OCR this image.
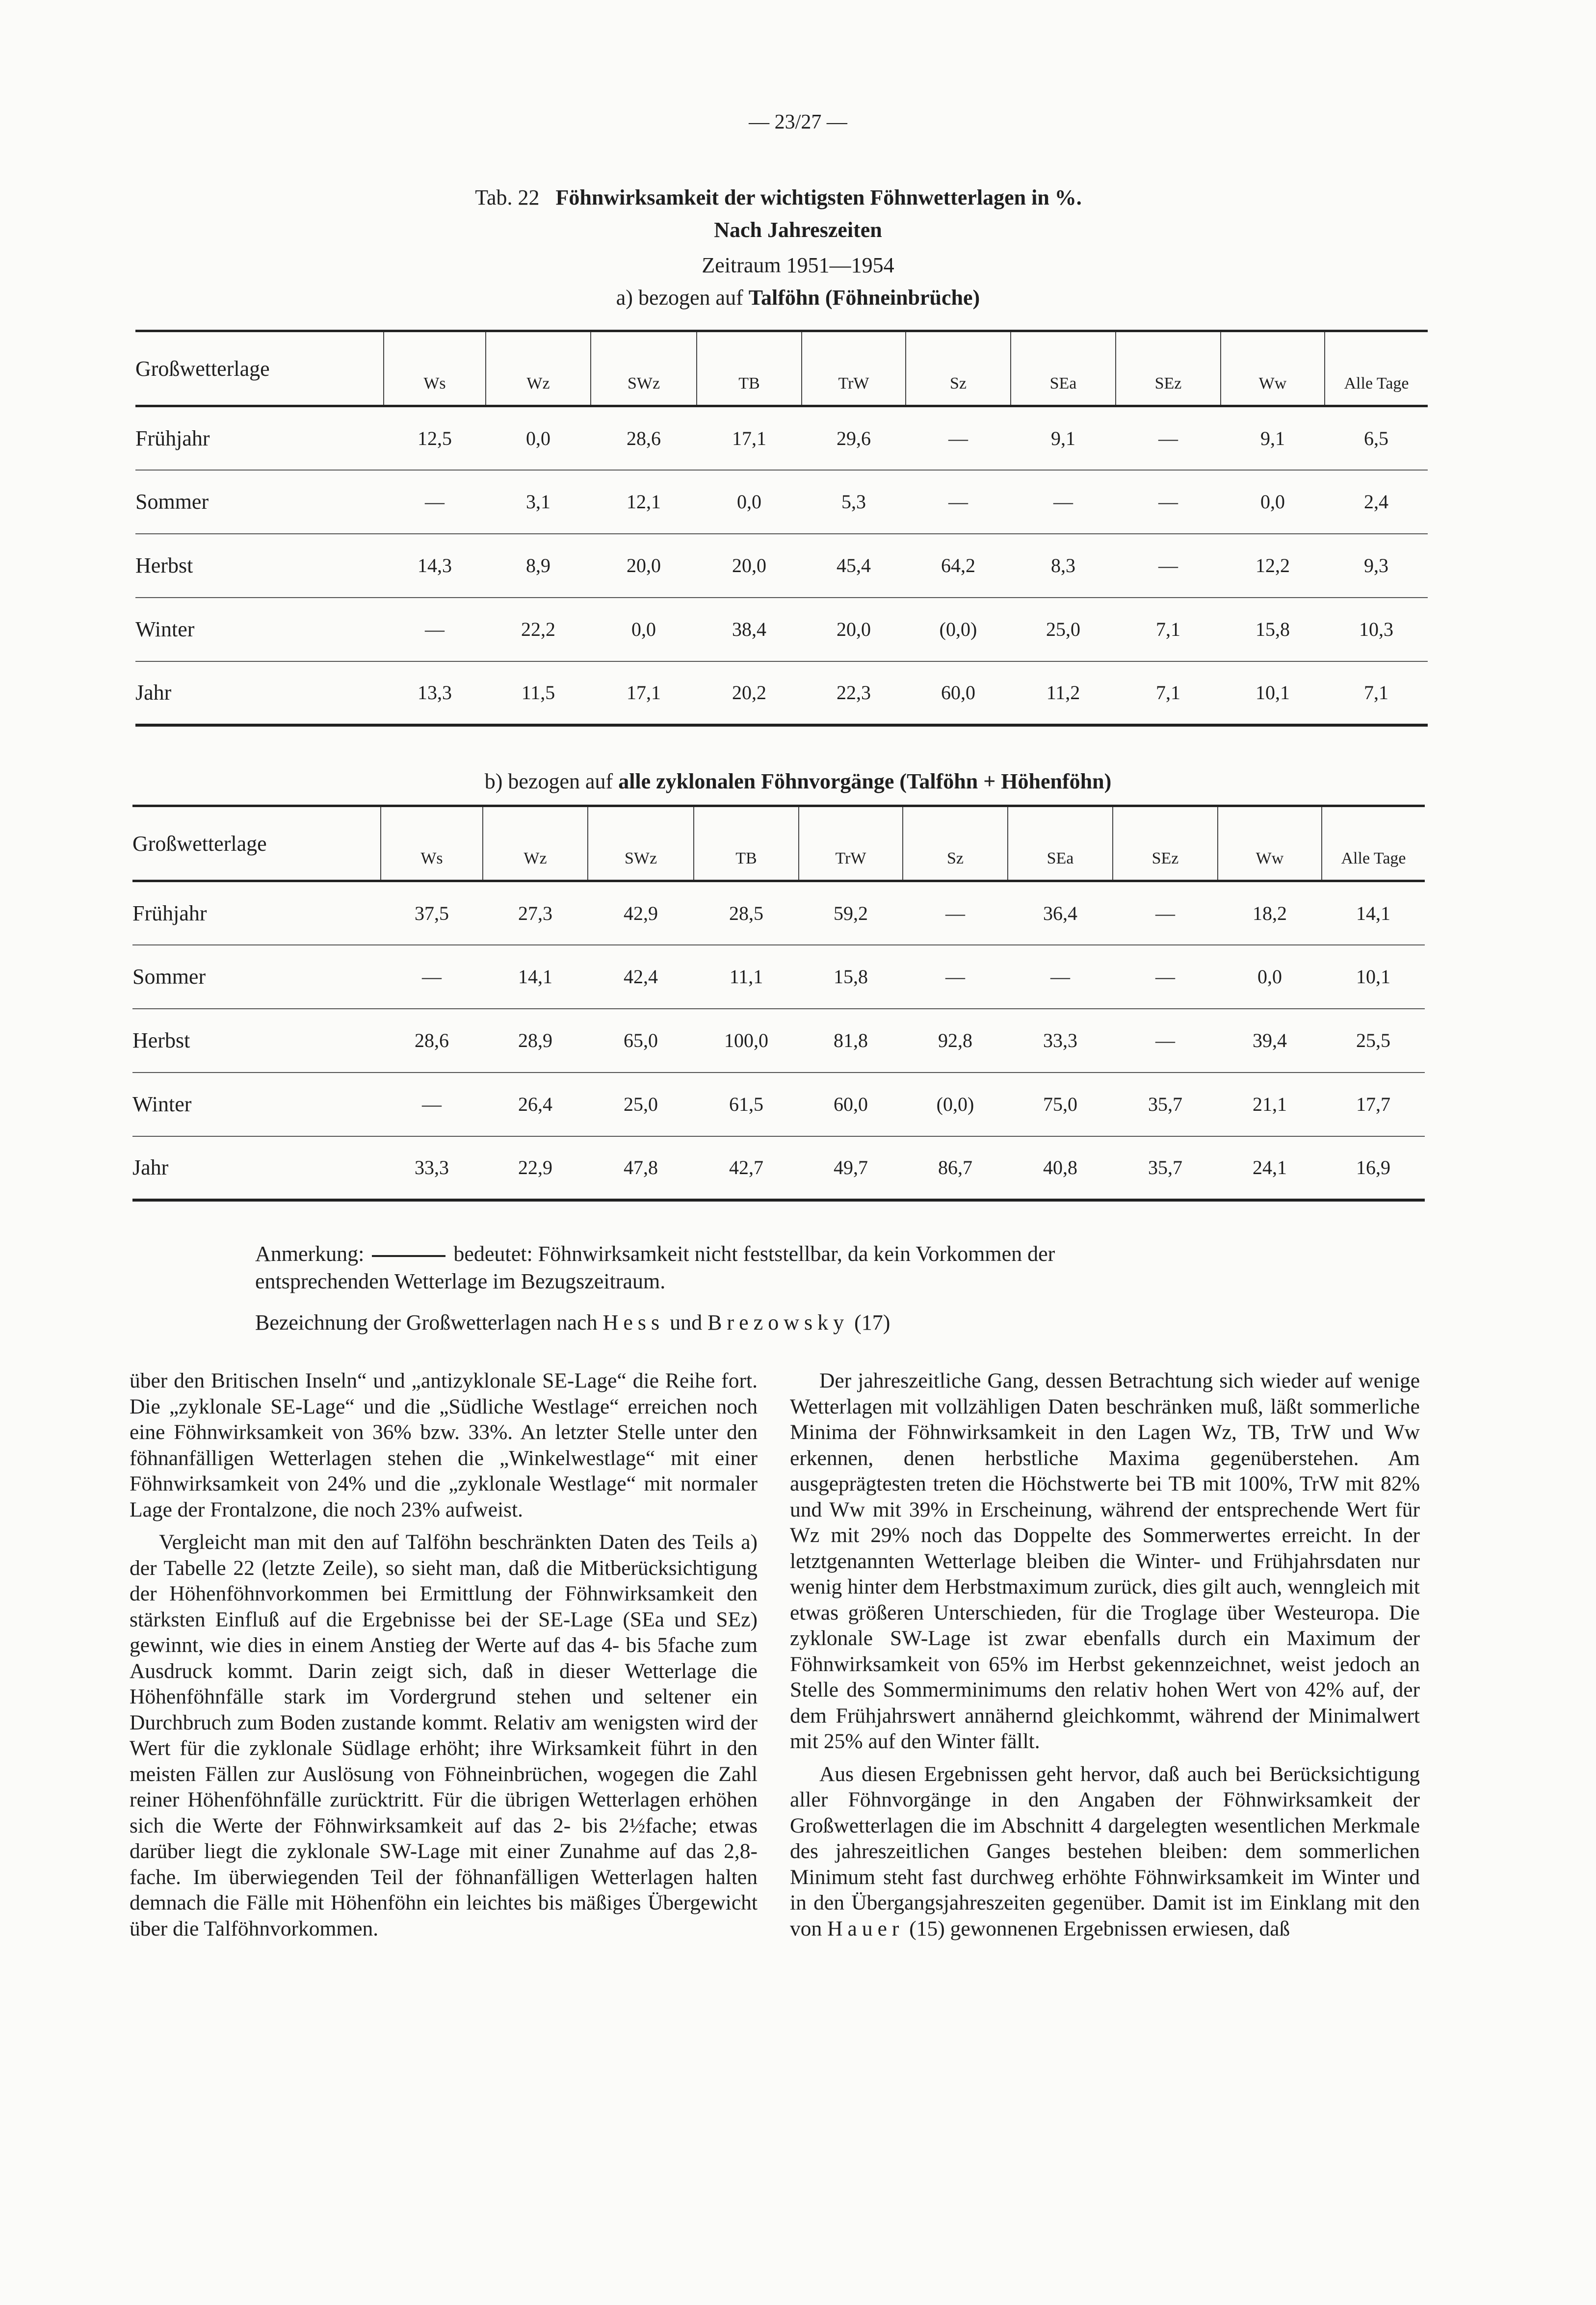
— 23/27 —
Tab. 22 Föhnwirksamkeit der wichtigsten Föhnwetterlagen in %.
Nach Jahreszeiten
Zeitraum 1951—1954
a) bezogen auf Talföhn (Föhneinbrüche)
Großwetterlage	Ws	Wz	SWz	TB	TrW	Sz	SEa	SEz	Ww	Alle Tage
Frühjahr	12,5	0,0	28,6	17,1	29,6	—	9,1	—	9,1	6,5
Sommer	—	3,1	12,1	0,0	5,3	—	—	—	0,0	2,4
Herbst	14,3	8,9	20,0	20,0	45,4	64,2	8,3	—	12,2	9,3
Winter	—	22,2	0,0	38,4	20,0	(0,0)	25,0	7,1	15,8	10,3
Jahr	13,3	11,5	17,1	20,2	22,3	60,0	11,2	7,1	10,1	7,1
b) bezogen auf alle zyklonalen Föhnvorgänge (Talföhn + Höhenföhn)
Großwetterlage	Ws	Wz	SWz	TB	TrW	Sz	SEa	SEz	Ww	Alle Tage
Frühjahr	37,5	27,3	42,9	28,5	59,2	—	36,4	—	18,2	14,1
Sommer	—	14,1	42,4	11,1	15,8	—	—	—	0,0	10,1
Herbst	28,6	28,9	65,0	100,0	81,8	92,8	33,3	—	39,4	25,5
Winter	—	26,4	25,0	61,5	60,0	(0,0)	75,0	35,7	21,1	17,7
Jahr	33,3	22,9	47,8	42,7	49,7	86,7	40,8	35,7	24,1	16,9
Anmerkung:	bedeutet: Föhnwirksamkeit nicht feststellbar, da kein Vorkommen der
entsprechenden Wetterlage im Bezugszeitraum.
Bezeichnung der Großwetterlagen nach Hess und Brezowsky (17)

über den Britischen Inseln“ und „antizyklonale SE-Lage“ die Reihe fort. Die „zyklonale SE-Lage“ und die „Südliche Westlage“ erreichen noch eine Föhnwirksamkeit von 36% bzw. 33%. An letzter Stelle unter den föhnanfälligen Wetterlagen stehen die „Winkelwestlage“ mit einer Föhnwirksamkeit von 24% und die „zyklonale Westlage“ mit normaler Lage der Frontalzone, die noch 23% aufweist.

Vergleicht man mit den auf Talföhn beschränkten Daten des Teils a) der Tabelle 22 (letzte Zeile), so sieht man, daß die Mitberücksichtigung der Höhenföhnvorkommen bei Ermittlung der Föhnwirksamkeit den stärksten Einfluß auf die Ergebnisse bei der SE-Lage (SEa und SEz) gewinnt, wie dies in einem Anstieg der Werte auf das 4- bis 5fache zum Ausdruck kommt. Darin zeigt sich, daß in dieser Wetterlage die Höhenföhnfälle stark im Vordergrund stehen und seltener ein Durchbruch zum Boden zustande kommt. Relativ am wenigsten wird der Wert für die zyklonale Südlage erhöht; ihre Wirksamkeit führt in den meisten Fällen zur Auslösung von Föhneinbrüchen, wogegen die Zahl reiner Höhenföhnfälle zurücktritt. Für die übrigen Wetterlagen erhöhen sich die Werte der Föhnwirksamkeit auf das 2- bis 2½fache; etwas darüber liegt die zyklonale SW-Lage mit einer Zunahme auf das 2,8-fache. Im überwiegenden Teil der föhnanfälligen Wetterlagen halten demnach die Fälle mit Höhenföhn ein leichtes bis mäßiges Übergewicht über die Talföhnvorkommen.

Der jahreszeitliche Gang, dessen Betrachtung sich wieder auf wenige Wetterlagen mit vollzähligen Daten beschränken muß, läßt sommerliche Minima der Föhnwirksamkeit in den Lagen Wz, TB, TrW und Ww erkennen, denen herbstliche Maxima gegenüberstehen. Am ausgeprägtesten treten die Höchstwerte bei TB mit 100%, TrW mit 82% und Ww mit 39% in Erscheinung, während der entsprechende Wert für Wz mit 29% noch das Doppelte des Sommerwertes erreicht. In der letztgenannten Wetterlage bleiben die Winter- und Frühjahrsdaten nur wenig hinter dem Herbstmaximum zurück, dies gilt auch, wenngleich mit etwas größeren Unterschieden, für die Troglage über Westeuropa. Die zyklonale SW-Lage ist zwar ebenfalls durch ein Maximum der Föhnwirksamkeit von 65% im Herbst gekennzeichnet, weist jedoch an Stelle des Sommerminimums den relativ hohen Wert von 42% auf, der dem Frühjahrswert annähernd gleichkommt, während der Minimalwert mit 25% auf den Winter fällt.

Aus diesen Ergebnissen geht hervor, daß auch bei Berücksichtigung aller Föhnvorgänge in den Angaben der Föhnwirksamkeit der Großwetterlagen die im Abschnitt 4 dargelegten wesentlichen Merkmale des jahreszeitlichen Ganges bestehen bleiben: dem sommerlichen Minimum steht fast durchweg erhöhte Föhnwirksamkeit im Winter und in den Übergangsjahreszeiten gegenüber. Damit ist im Einklang mit den von Hauer (15) gewonnenen Ergebnissen erwiesen, daß
